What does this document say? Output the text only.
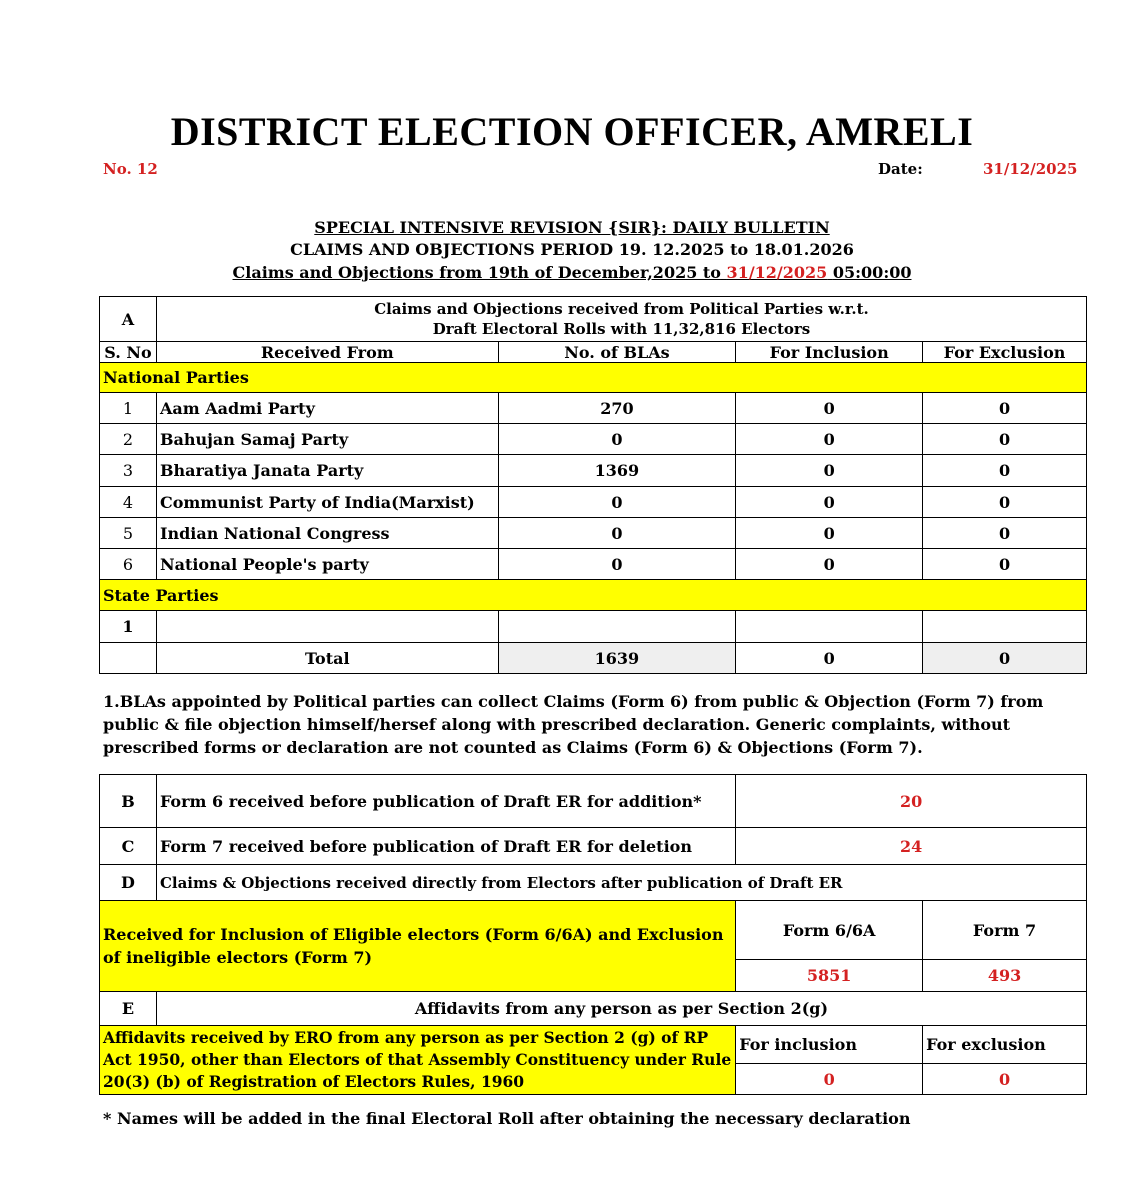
DISTRICT ELECTION OFFICER, AMRELI
No. 12	Date:	31/12/2025
SPECIAL INTENSIVE REVISION {SIR}: DAILY BULLETIN
CLAIMS AND OBJECTIONS PERIOD 19. 12.2025 to 18.01.2026
Claims and Objections from 19th of December,2025 to 31/12/2025 05:00:00
A	Claims and Objections received from Political Parties w.r.t.
Draft Electoral Rolls with 11,32,816 Electors			

S. No	Received From	No. of BLAs	For Inclusion	For Exclusion
National Parties				
1	Aam Aadmi Party	270	0	0
2	Bahujan Samaj Party	0	0	0
3	Bharatiya Janata Party	1369	0	0
4	Communist Party of India(Marxist)	0	0	0
5	Indian National Congress	0	0	0
6	National People's party	0	0	0
State Parties				
1				
	Total	1639	0	0
1.BLAs appointed by Political parties can collect Claims (Form 6) from public & Objection (Form 7) from public & file objection himself/hersef along with prescribed declaration. Generic complaints, without prescribed forms or declaration are not counted as Claims (Form 6) & Objections (Form 7).
B	Form 6 received before publication of Draft ER for addition*	20	
C	Form 7 received before publication of Draft ER for deletion	24	
D	Claims & Objections received directly from Electors after publication of Draft ER		
Received for Inclusion of Eligible electors (Form 6/6A) and Exclusion of ineligible electors (Form 7)		Form 6/6A	Form 7
		5851	493
E	Affidavits from any person as per Section 2(g)		
Affidavits received by ERO from any person as per Section 2 (g) of RP Act 1950, other than Electors of that Assembly Constituency under Rule 20(3) (b) of Registration of Electors Rules, 1960		For inclusion	For exclusion
		0	0
* Names will be added in the final Electoral Roll after obtaining the necessary declaration
